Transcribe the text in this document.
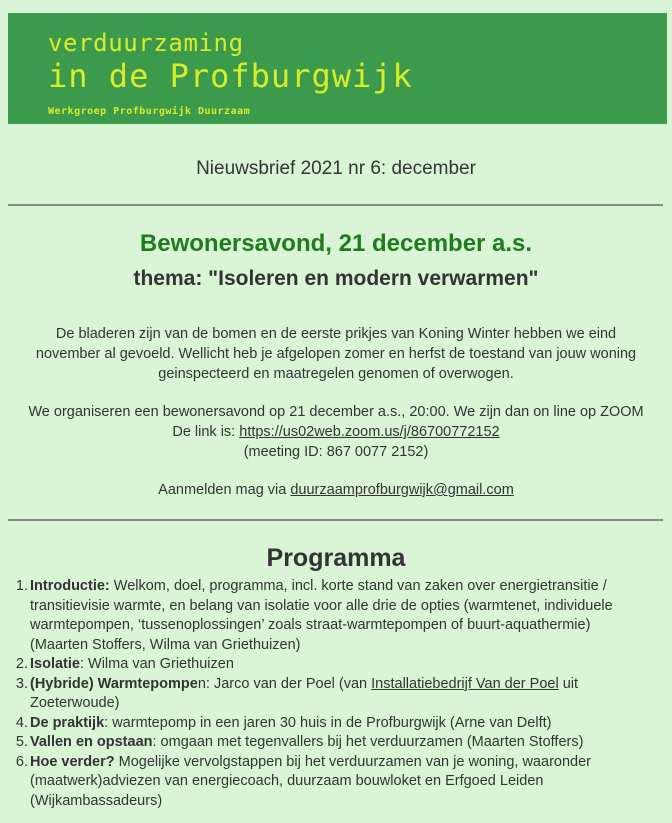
verduurzaming

in de Profburgwijk

Werkgroep Profburgwijk Duurzaam

Nieuwsbrief 2021 nr 6: december
Bewonersavond, 21 december a.s.
thema: "Isoleren en modern verwarmen"
De bladeren zijn van de bomen en de eerste prikjes van Koning Winter hebben we eind
november al gevoeld. Wellicht heb je afgelopen zomer en herfst de toestand van jouw woning
geinspecteerd en maatregelen genomen of overwogen.
We organiseren een bewonersavond op 21 december a.s., 20:00. We zijn dan on line op ZOOM
De link is: https://us02web.zoom.us/j/86700772152
(meeting ID: 867 0077 2152)
Aanmelden mag via duurzaamprofburgwijk@gmail.com
Programma
1. Introductie: Welkom, doel, programma, incl. korte stand van zaken over energietransitie /
transitievisie warmte, en belang van isolatie voor alle drie de opties (warmtenet, individuele
warmtepompen, ‘tussenoplossingen’ zoals straat-warmtepompen of buurt-aquathermie)
(Maarten Stoffers, Wilma van Griethuizen)
2. Isolatie: Wilma van Griethuizen
3. (Hybride) Warmtepompen: Jarco van der Poel (van Installatiebedrijf Van der Poel uit
Zoeterwoude)
4. De praktijk: warmtepomp in een jaren 30 huis in de Profburgwijk (Arne van Delft)
5. Vallen en opstaan: omgaan met tegenvallers bij het verduurzamen (Maarten Stoffers)
6. Hoe verder? Mogelijke vervolgstappen bij het verduurzamen van je woning, waaronder
(maatwerk)adviezen van energiecoach, duurzaam bouwloket en Erfgoed Leiden
(Wijkambassadeurs)
